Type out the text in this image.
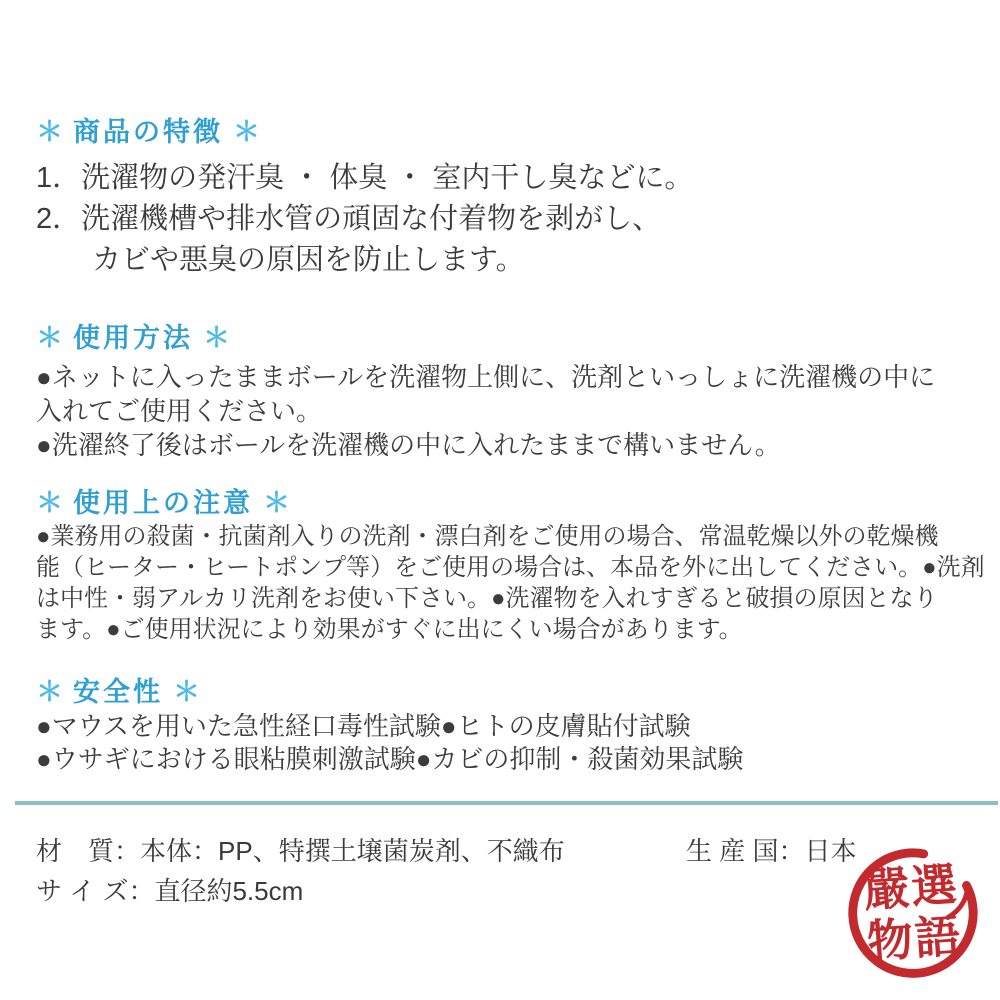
＊ 商品の特徴 ＊
1．洗濯物の発汗臭 ・ 体臭 ・ 室内干し臭などに。
2．洗濯機槽や排水管の頑固な付着物を剥がし、
カビや悪臭の原因を防止します。
＊ 使用方法 ＊
●ネットに入ったままボールを洗濯物上側に、洗剤といっしょに洗濯機の中に
入れてご使用ください。
●洗濯終了後はボールを洗濯機の中に入れたままで構いません。
＊ 使用上の注意 ＊
●業務用の殺菌・抗菌剤入りの洗剤・漂白剤をご使用の場合、常温乾燥以外の乾燥機
能（ヒーター・ヒートポンプ等）をご使用の場合は、本品を外に出してください。●洗剤
は中性・弱アルカリ洗剤をお使い下さい。●洗濯物を入れすぎると破損の原因となり
ます。●ご使用状況により効果がすぐに出にくい場合があります。
＊ 安全性 ＊
●マウスを用いた急性経口毒性試験●ヒトの皮膚貼付試験
●ウサギにおける眼粘膜刺激試験●カビの抑制・殺菌効果試験
材　質：本体：PP、特撰土壌菌炭剤、不織布	生 産 国：日本
サ イ ズ：直径約5.5cm	嚴選
物語
